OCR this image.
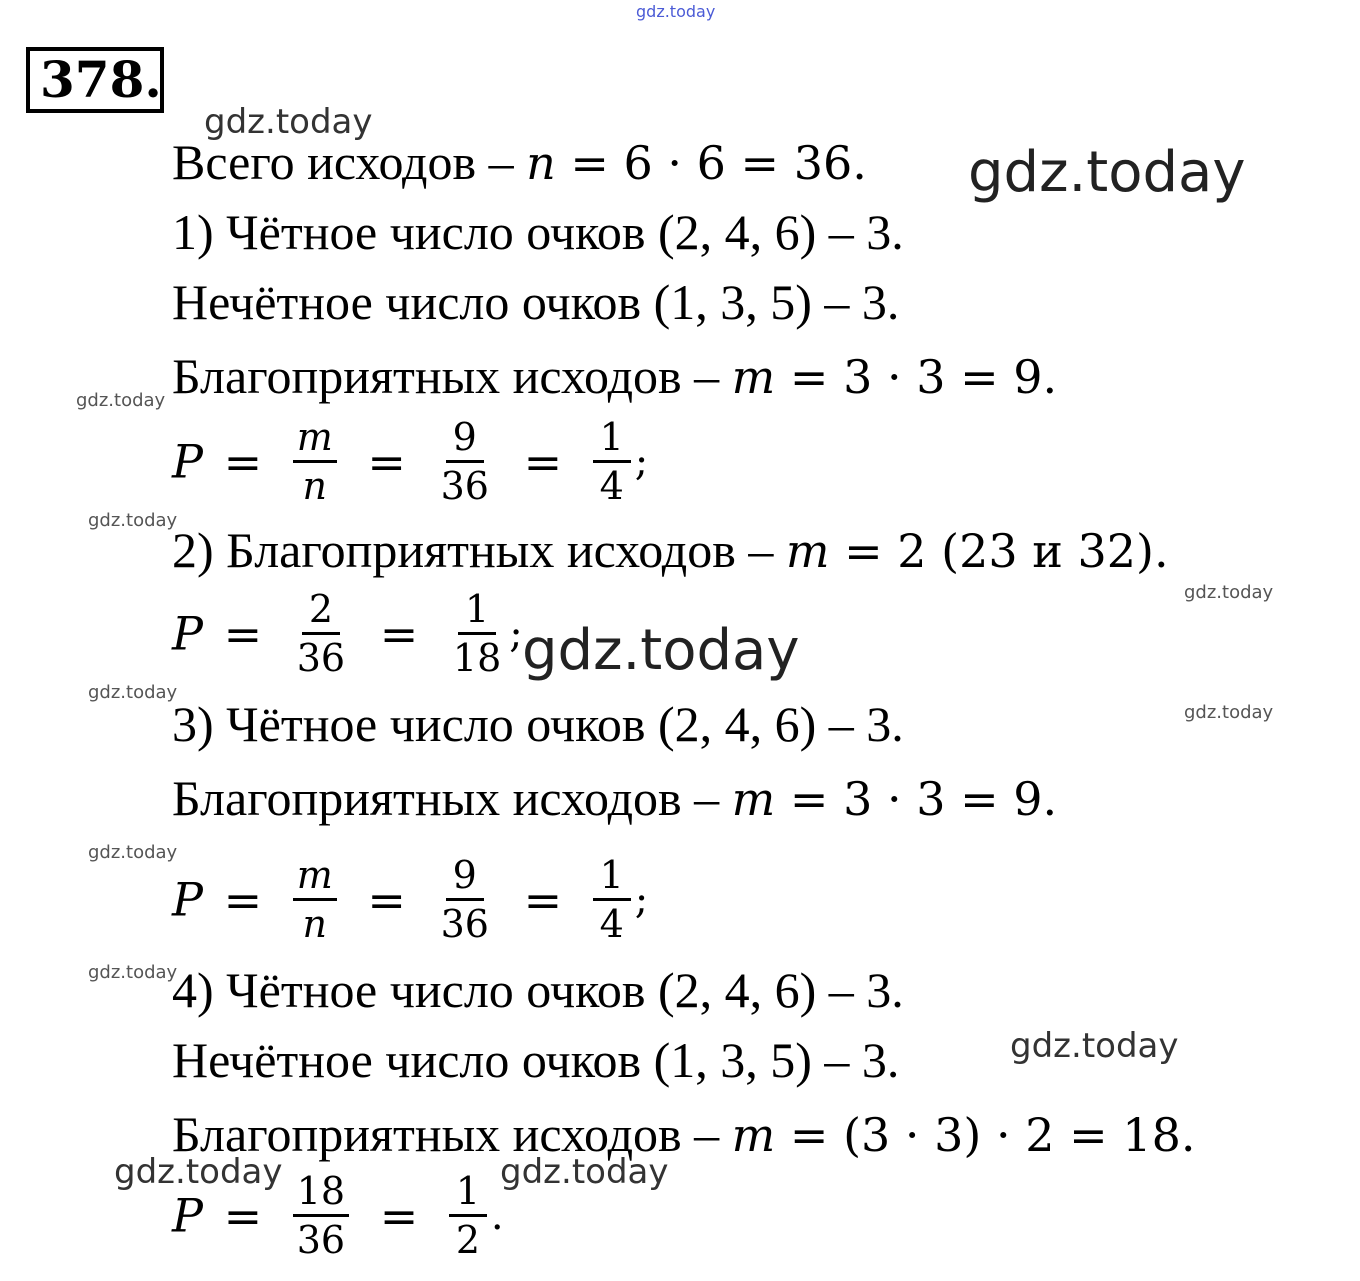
gdz.today
gdz.today
gdz.today
gdz.today
gdz.today
gdz.today
gdz.today
gdz.today
gdz.today
gdz.today
gdz.today
gdz.today
gdz.today	gdz.today
378.
Всего исходов – n = 6 · 6 = 36.
1) Чётное число очков (2, 4, 6) – 3.
Нечётное число очков (1, 3, 5) – 3.
Благоприятных исходов – m = 3 · 3 = 9.
$P = \frac{m}{n} = \frac{9}{36} = \frac{1}{4}$ ;
2) Благоприятных исходов – m = 2 (23 и 32).
$P = \frac{2}{36} = \frac{1}{18}$ ;
3) Чётное число очков (2, 4, 6) – 3.
Благоприятных исходов – m = 3 · 3 = 9.
$P = \frac{m}{n} = \frac{9}{36} = \frac{1}{4}$ ;
4) Чётное число очков (2, 4, 6) – 3.
Нечётное число очков (1, 3, 5) – 3.
Благоприятных исходов – m = (3 · 3) · 2 = 18.
$P = \frac{18}{36} = \frac{1}{2}$ .
